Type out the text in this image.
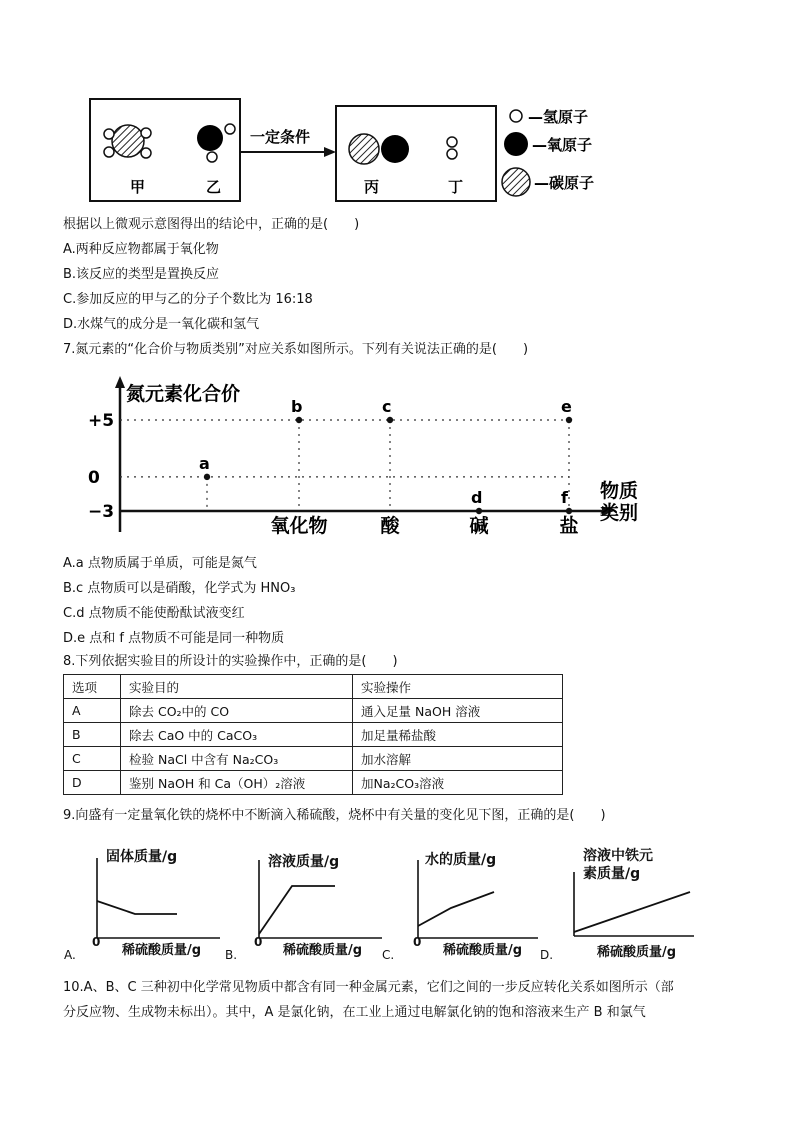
甲	乙
一定条件
丙	丁
—氢原子
—氧原子
—碳原子
根据以上微观示意图得出的结论中，正确的是(　　)
A.两种反应物都属于氧化物
B.该反应的类型是置换反应
C.参加反应的甲与乙的分子个数比为 16:18
D.水煤气的成分是一氧化碳和氢气
7.氮元素的“化合价与物质类别”对应关系如图所示。下列有关说法正确的是(　　)
氮元素化合价
物质类别
+5
0
−3
a
b	c
d
e
f
氧化物	酸	碱	盐
A.a 点物质属于单质，可能是氮气
B.c 点物质可以是硝酸，化学式为 HNO₃
C.d 点物质不能使酚酞试液变红
D.e 点和 f 点物质不可能是同一种物质
8.下列依据实验目的所设计的实验操作中，正确的是(　　)
选项	实验目的	实验操作
A	除去 CO₂中的 CO	通入足量 NaOH 溶液
B	除去 CaO 中的 CaCO₃	加足量稀盐酸
C	检验 NaCl 中含有 Na₂CO₃	加水溶解
D	鉴别 NaOH 和 Ca（OH）₂溶液	加Na₂CO₃溶液
9.向盛有一定量氧化铁的烧杯中不断滴入稀硫酸，烧杯中有关量的变化见下图，正确的是(　　)
固体质量/g
A.
0
稀硫酸质量/g
溶液质量/g
B.
0
稀硫酸质量/g
水的质量/g
C.
0
稀硫酸质量/g
溶液中铁元
素质量/g
D.	稀硫酸质量/g
10.A、B、C 三种初中化学常见物质中都含有同一种金属元素，它们之间的一步反应转化关系如图所示（部
分反应物、生成物未标出）。其中，A 是氯化钠，在工业上通过电解氯化钠的饱和溶液来生产 B 和氯气
